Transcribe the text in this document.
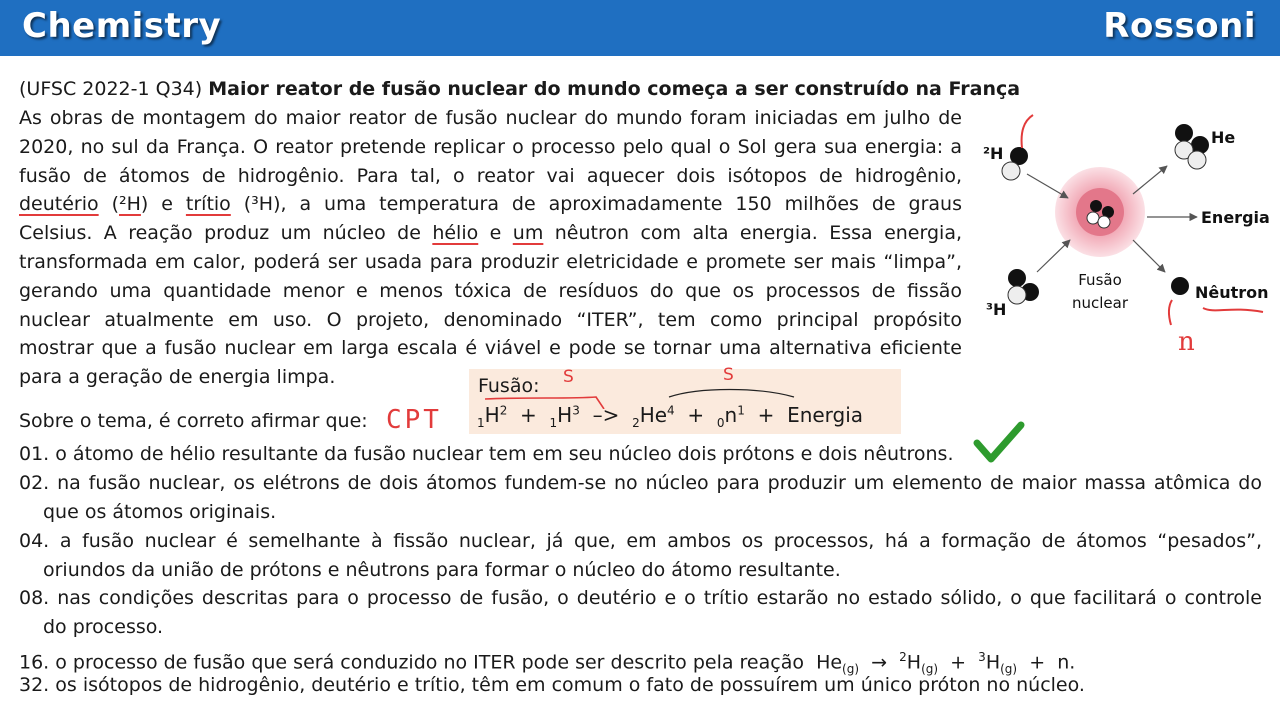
Chemistry	Rossoni
(UFSC 2022-1 Q34) Maior reator de fusão nuclear do mundo começa a ser construído na França
As obras de montagem do maior reator de fusão nuclear do mundo foram iniciadas em julho de
2020, no sul da França. O reator pretende replicar o processo pelo qual o Sol gera sua energia: a
fusão de átomos de hidrogênio. Para tal, o reator vai aquecer dois isótopos de hidrogênio,
deutério (²H) e trítio (³H), a uma temperatura de aproximadamente 150 milhões de graus
Celsius. A reação produz um núcleo de hélio e um nêutron com alta energia. Essa energia,
transformada em calor, poderá ser usada para produzir eletricidade e promete ser mais “limpa”,
gerando uma quantidade menor e menos tóxica de resíduos do que os processos de fissão
nuclear atualmente em uso. O projeto, denominado “ITER”, tem como principal propósito
mostrar que a fusão nuclear em larga escala é viável e pode se tornar uma alternativa eficiente
para a geração de energia limpa.
²H
³H
He
Energia
Nêutron
Fusão
nuclear
n
Fusão:
$_1H^2 + _1H^3 -> _2He^4 + _0n^1$ + Energia
S	S
Sobre o tema, é correto afirmar que: CPT
01. o átomo de hélio resultante da fusão nuclear tem em seu núcleo dois prótons e dois nêutrons.
02. na fusão nuclear, os elétrons de dois átomos fundem-se no núcleo para produzir um elemento de maior massa atômica do
que os átomos originais.
04. a fusão nuclear é semelhante à fissão nuclear, já que, em ambos os processos, há a formação de átomos “pesados”,
oriundos da união de prótons e nêutrons para formar o núcleo do átomo resultante.
08. nas condições descritas para o processo de fusão, o deutério e o trítio estarão no estado sólido, o que facilitará o controle
do processo.
16. o processo de fusão que será conduzido no ITER pode ser descrito pela reação $He_{(g)} \to ^2H_{(g)} + ^3H_{(g)} + n$.
32. os isótopos de hidrogênio, deutério e trítio, têm em comum o fato de possuírem um único próton no núcleo.
